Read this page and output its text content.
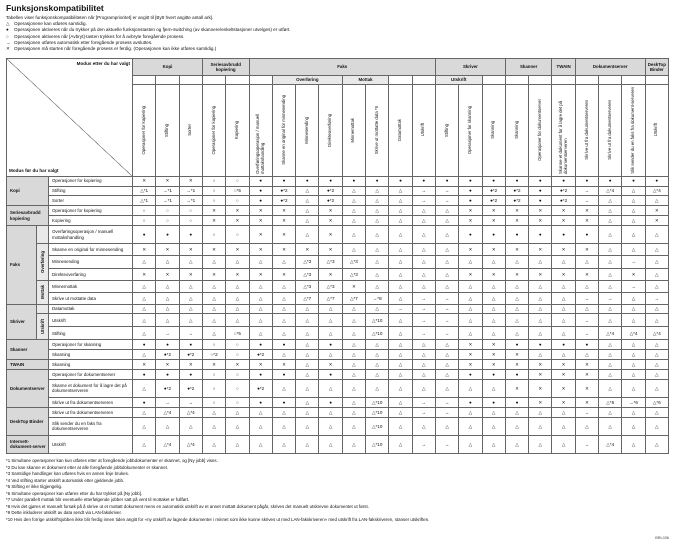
Funksjonskompatibilitet
Tabellen viser funksjonskompatibiliteten når [Programprioritet] er angitt til [Bytt hvert angitte antall ark].
△ Operasjonene kan utføres samtidig.
● Operasjonen aktiveres når du trykker på den aktuelle funksjonstasten og fjern-switching (av skannere/enkeltstasjoner utvelges) er utført.
○ Operasjonen aktiveres når [Avbryt]-tasten trykkes for å avbryte foregående prosess.
→ Operasjonen utføres automatisk etter foregående prosess avsluttes.
✕ Operasjonen må startes når foregående prosess er ferdig. (Operasjonen kan ikke utføres samtidig.)
Modus etter du har valgt
Modus før du har valgt			Kopi			Seriesavbrudd kopiering		Faks								Skriver			Skanner		TWAIN	Dokumentserver			DeskTop Binder	
									Overføring			Mottak				Utskrift										

			Operasjoner for kopiering	Stifting	Sorter	Operasjoner for kopiering	Kopiering	Overføringsoperasjon / manuell mottakshandling	Skanne en original for minnesending	Minnesending	Direkteoverføring	Minnemottak	Skrive ut mottatte data *9	Datamottak	Utskrift	Stifting	Operasjoner for skanning	Skanning	Skanning	Operasjoner for dokumentserver	Skanne et dokument for å lagre det på dokumentserveren	Skrive ut fra dokumentserveren	Skrive ut fra dokumentserveren	Slik sender du en faks fra dokument-serveren	Utskrift	

Kopi		Operasjoner for kopiering	✕	✕	✕	○	○	●	●	●	●	●	●	●	●	●	●	●	●	●	●	●	●	●	●	
		Stifting	△*1	→*1	→*1	○	○*5	●	●*2	△	●*2	△	△	△	→	→	●	●*2	●*2	●	●*2	→	△*4	△	△*4	
		Sorter	△*1	→*1	→*1	○	○	●	●*2	△	●*2	△	△	△	→	→	●	●*2	●*2	●	●*2	→	△	△	△	
Seriesavbrudd kopiering		Operasjoner for kopiering	○	○	○	✕	✕	✕	✕	△	✕	△	△	△	△	△	✕	✕	✕	✕	✕	✕	△	△	✕	
		Kopiering	○	○	○	✕	✕	✕	✕	△	✕	△	△	△	△	△	✕	✕	✕	✕	✕	✕	△	△	✕	
Faks		Overføringsoperasjon / manuell mottakshandling	●	●	●	○	○	✕	✕	△	✕	△	△	△	△	△	●	●	●	●	●	●	△	△	△	

	Overføring	Skanne en original for minnesending	✕	✕	✕	✕	✕	✕	✕	✕	✕	△	△	△	△	△	✕	✕	✕	✕	✕	✕	△	△	△	
		Minnesending	△	△	△	△	△	△	△	△*3	△*3	△*3	△	△	△	△	△	△	△	△	△	△	△	→	△	
		Direkteoverføring	✕	✕	✕	✕	✕	✕	✕	△*3	✕	△*3	△	△	△	△	✕	✕	✕	✕	✕	✕	△	✕	△	

	Mottak	Minnemottak	△	△	△	△	△	△	△	△*3	△*3	✕	△	△	△	△	△	△	△	△	△	△	△	→	△	
		Skrive ut mottatte data	△	△	△	△	△	△	△	△*7	△*7	△*7	→*8	△	→	→	△	△	△	△	△	→	→	△	→	
Skriver		Datamottak	△	△	△	△	△	△	△	△	△	△	△	→	→	→	△	△	△	△	△	△	△	△	△	

	Utskrift	Utskrift	△	△	△	△	△	△	△	△	△	△	△*10	△	→	→	△	△	△	△	△	→	△	△	△	
		Stifting	△	→	→	△	○*5	△	△	△	△	△	△*10	△	→	→	△	△	△	△	△	→	△*4	△*4	△*4	
Skanner		Operasjoner for skanning	●	●	●	○	○	●	●	△	●	△	△	△	△	△	✕	✕	●	●	●	●	△	△	△	
		Skanning	△	●*2	●*2	○*2	○	●*2	△	△	△	△	△	△	△	△	✕	✕	✕	△	△	△	△	△	△	
TWAIN		Skanning	✕	✕	✕	✕	✕	✕	✕	△	✕	△	△	△	△	△	✕	✕	✕	✕	✕	✕	△	△	△	
Dokumentserver		Operasjoner for dokumentserver	●	●	●	○	○	●	●	△	●	△	△	△	△	△	●	●	●	✕	✕	✕	△	△	△	
		Skanne et dokument for å lagre det på dokumentserveren	△	●*2	●*2	○	○	●*2	△	△	△	△	△	△	△	△	△	△	✕	✕	✕	✕	△	△	△	
		Skrive ut fra dokumentserveren	●	→	→	○	○	●	●	△	●	△	△*10	△	→	→	●	●	●	✕	✕	✕	△*6	→*6	△*6	
DeskTop Binder		Skrive ut fra dokumentserveren	△	△*4	△*4	△	△	△	△	△	△	△	△*10	△	→	→	△	△	△	△	△	→	△	△	△	
		Slik sender du en faks fra dokumentserveren	△	△	△	△	△	△	△	△	△	△	△*10	△	△	△	△	△	△	△	△	△	△	△	△	
Internett-dokument-server		Utskrift	△	△*4	△*4	△	△	△	△	△	△	△	△*10	△	→	→	△	△	△	△	△	→	△*4	△	△	
*1 Simultane operasjoner kan kun utføres etter at foregående jobbdokumenter er skannet, og [Ny jobb] vises.
*2 Du kan skanne et dokument etter at alle foregående jobbdokumenter er skannet.
*3 Samtidige handlinger kan utføres hvis en annen linje brukes.
*4 Ved stifting starter utskrift automatisk etter gjeldende jobb.
*5 Stifting er ikke tilgjengelig.
*6 Simultane operasjoner kan utføres etter du har trykket på [Ny jobb].
*7 Under parallelt mottak blir eventuelle etterfølgende jobber satt på vent til mottaket er fullført.
*8 Hvis det gjøres et manuelt forsøk på å skrive ut et mottatt dokument mens en automatisk utskrift av et annet mottatt dokument pågår, skrives det manuelt utskrevne dokumentet ut først.
*9 Dette inkluderer utskrift av data sendt via LAN-fakskriver.
*10 Hvis den forrige utskriftsjobben ikke blir ferdig innen tiden angitt for «ny utskrift av lagrede dokumenter i minnet som ikke kunne skrives ut med LAN-fakskriveren» med utskrift fra LAN-fakskriveren, stanser utskriften.
BRL036
